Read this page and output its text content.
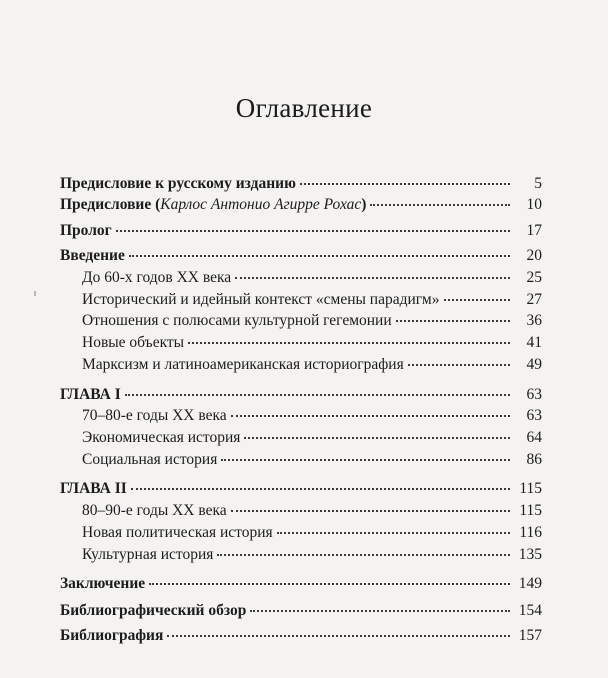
Оглавление
Предисловие к русскому изданию	5
Предисловие (Карлос Антонио Агирре Рохас)	10
Пролог	17
Введение	20
До 60-х годов ХХ века	25
Исторический и идейный контекст «смены парадигм»	27
Отношения с полюсами культурной гегемонии	36
Новые объекты	41
Марксизм и латиноамериканская историография	49
ГЛАВА I	63
70–80-е годы ХХ века	63
Экономическая история	64
Социальная история	86
ГЛАВА II	115
80–90-е годы ХХ века	115
Новая политическая история	116
Культурная история	135
Заключение	149
Библиографический обзор	154
Библиография	157
